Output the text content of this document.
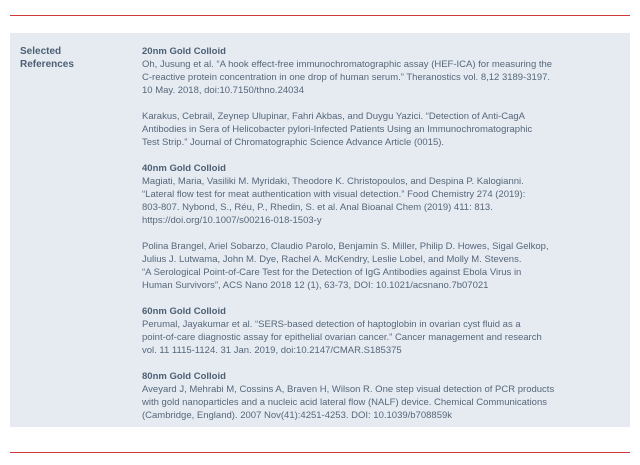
Selected
References
20nm Gold Colloid
Oh, Jusung et al. “A hook effect-free immunochromatographic assay (HEF-ICA) for measuring the
C-reactive protein concentration in one drop of human serum.” Theranostics vol. 8,12 3189-3197.
10 May. 2018, doi:10.7150/thno.24034
Karakus, Cebrail, Zeynep Ulupinar, Fahri Akbas, and Duygu Yazici. “Detection of Anti-CagA
Antibodies in Sera of Helicobacter pylori-Infected Patients Using an Immunochromatographic
Test Strip.” Journal of Chromatographic Science Advance Article (0015).
40nm Gold Colloid
Magiati, Maria, Vasiliki M. Myridaki, Theodore K. Christopoulos, and Despina P. Kalogianni.
“Lateral flow test for meat authentication with visual detection.” Food Chemistry 274 (2019):
803-807. Nybond, S., Réu, P., Rhedin, S. et al. Anal Bioanal Chem (2019) 411: 813.
https://doi.org/10.1007/s00216-018-1503-y
Polina Brangel, Ariel Sobarzo, Claudio Parolo, Benjamin S. Miller, Philip D. Howes, Sigal Gelkop,
Julius J. Lutwama, John M. Dye, Rachel A. McKendry, Leslie Lobel, and Molly M. Stevens.
“A Serological Point-of-Care Test for the Detection of IgG Antibodies against Ebola Virus in
Human Survivors”, ACS Nano 2018 12 (1), 63-73, DOI: 10.1021/acsnano.7b07021
60nm Gold Colloid
Perumal, Jayakumar et al. “SERS-based detection of haptoglobin in ovarian cyst fluid as a
point-of-care diagnostic assay for epithelial ovarian cancer.” Cancer management and research
vol. 11 1115-1124. 31 Jan. 2019, doi:10.2147/CMAR.S185375
80nm Gold Colloid
Aveyard J, Mehrabi M, Cossins A, Braven H, Wilson R. One step visual detection of PCR products
with gold nanoparticles and a nucleic acid lateral flow (NALF) device. Chemical Communications
(Cambridge, England). 2007 Nov(41):4251-4253. DOI: 10.1039/b708859k
